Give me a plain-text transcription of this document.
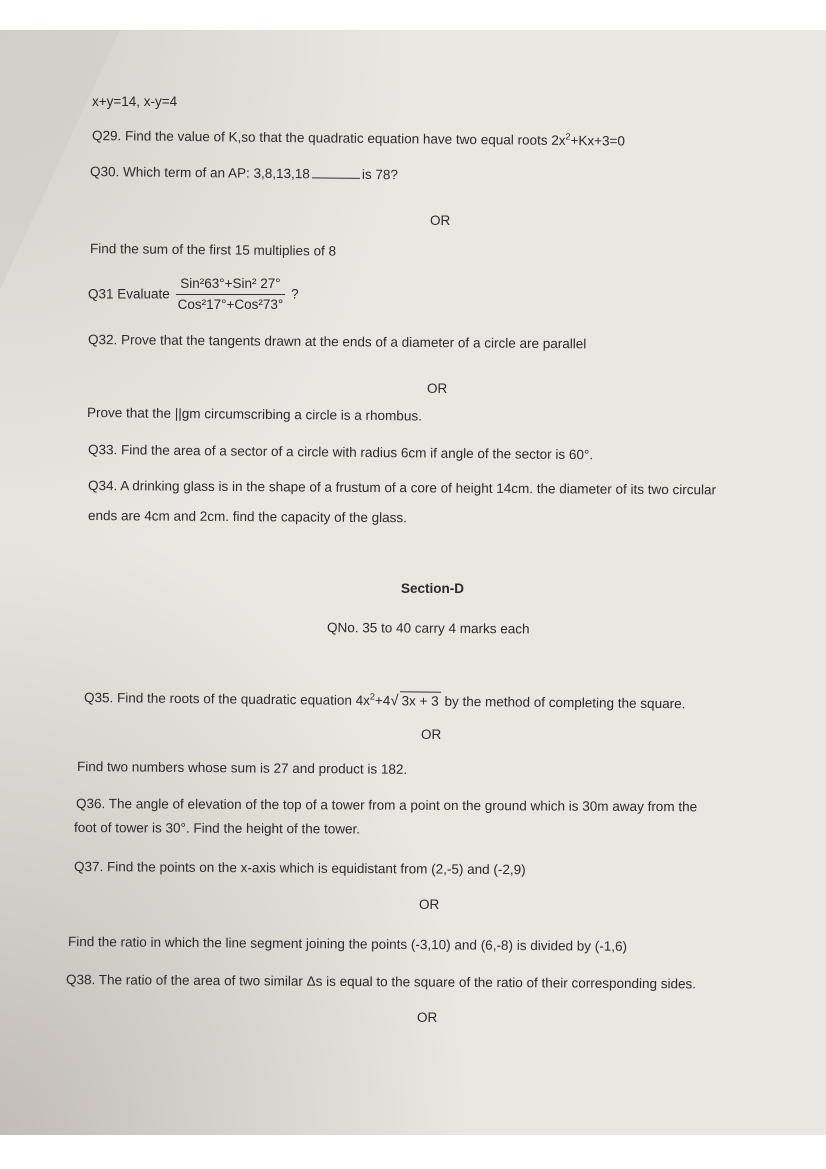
x+y=14, x-y=4
Q29. Find the value of K,so that the quadratic equation have two equal roots $2x^2+Kx+3=0$
Q30. Which term of an AP: 3,8,13,18	is 78?
OR
Find the sum of the first 15 multiplies of 8
Q31 Evaluate $\frac{\text{Sin²63°+Sin² 27°}}{\text{Cos²17°+Cos²73°}}$ ?
Q32. Prove that the tangents drawn at the ends of a diameter of a circle are parallel
OR
Prove that the ||gm circumscribing a circle is a rhombus.
Q33. Find the area of a sector of a circle with radius 6cm if angle of the sector is 60°.
Q34. A drinking glass is in the shape of a frustum of a core of height 14cm. the diameter of its two circular
ends are 4cm and 2cm. find the capacity of the glass.
Section-D
QNo. 35 to 40 carry 4 marks each
Q35. Find the roots of the quadratic equation $4x^2+4√$ 3x + 3 by the method of completing the square.
OR
Find two numbers whose sum is 27 and product is 182.
Q36. The angle of elevation of the top of a tower from a point on the ground which is 30m away from the
foot of tower is 30°. Find the height of the tower.
Q37. Find the points on the x-axis which is equidistant from (2,-5) and (-2,9)
OR
Find the ratio in which the line segment joining the points (-3,10) and (6,-8) is divided by (-1,6)
Q38. The ratio of the area of two similar Δs is equal to the square of the ratio of their corresponding sides.
OR
